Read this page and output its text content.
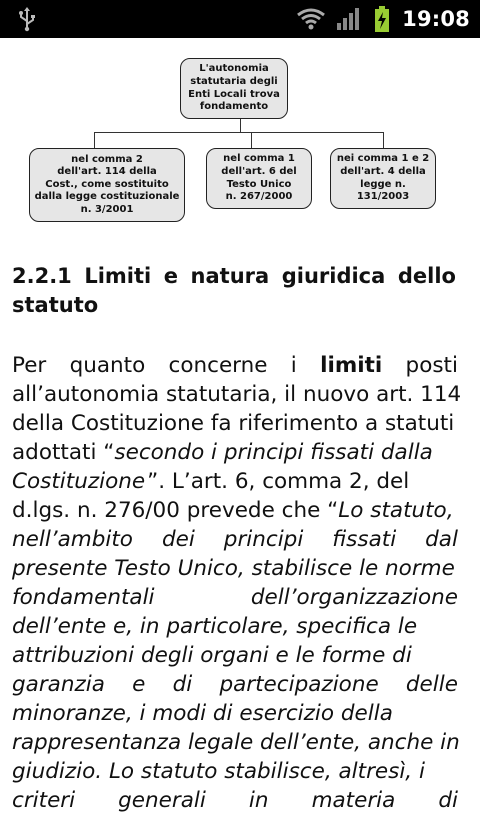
19:08
L'autonomia
statutaria degli
Enti Locali trova
fondamento
nel comma 2
dell'art. 114 della
Cost., come sostituito
dalla legge costituzionale
n. 3/2001
nel comma 1
dell'art. 6 del
Testo Unico
n. 267/2000
nei comma 1 e 2
dell'art. 4 della
legge n. 131/2003
2.2.1 Limiti e natura giuridica dello
statuto
Per quanto concerne i limiti posti
all’autonomia statutaria, il nuovo art. 114
della Costituzione fa riferimento a statuti
adottati “ secondo i principi fissati dalla
Costituzione ”. L’art. 6, comma 2, del
d.lgs. n. 276/00 prevede che “ Lo statuto,
nell’ambito dei principi fissati dal
presente Testo Unico, stabilisce le norme
fondamentali	dell’organizzazione
dell’ente e, in particolare, specifica le
attribuzioni degli organi e le forme di
garanzia e di partecipazione delle
minoranze, i modi di esercizio della
rappresentanza legale dell’ente, anche in
giudizio. Lo statuto stabilisce, altresì, i
criteri generali in materia di
